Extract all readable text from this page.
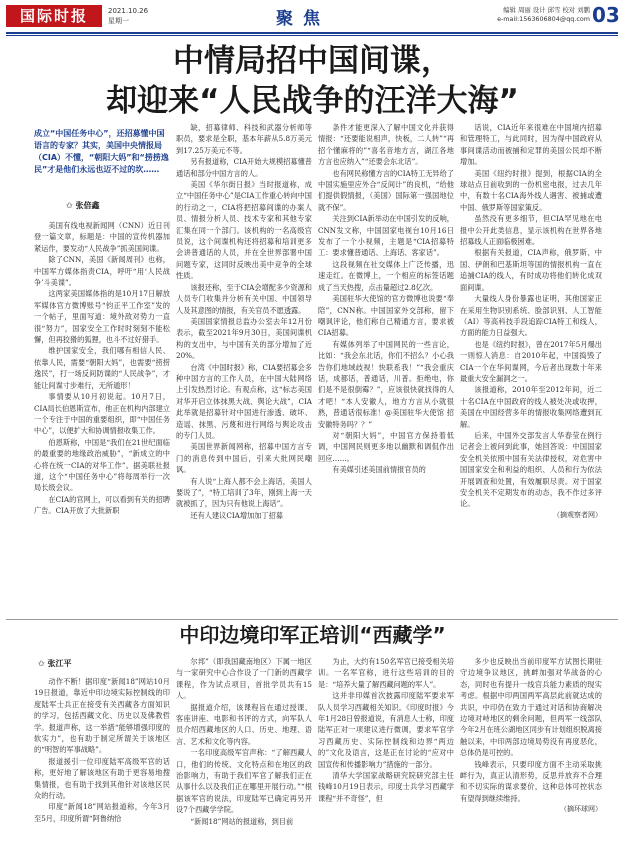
国际时报	2021.10.26
星期一	聚焦	编辑 周丽 设计 邱雪 校对 刘鹏
e-mail:1563606804@qq.com 03
中情局招中国间谍，
却迎来“人民战争的汪洋大海”
成立“中国任务中心”，还招募懂中国语言的专家？其实，美国中央情报局（CIA）不懂，“朝阳大妈”和“捞捞逸民”才是他们永远也迈不过的坎……
✩ 张倍鑫

美国有线电视新闻网（CNN）近日刊登一篇文章，标题是：中国的宣传机器加紧运作，要发动“人民战争”抓美国间谍。

除了CNN，美国《新闻周刊》也称，中国军方媒体指责CIA，呼吁“用‘人民战争’斗美谍”。

这两家美国媒体指的是10月17日解放军媒体官方微博账号“钧正平工作室”发的一个帖子，里面写道：境外敌对势力一直很“努力”，国家安全工作时时刻刻不能松懈，但再狡猾的狐狸，也斗不过好猎手。

维护国家安全，我们哪有相信人民、依靠人民，需要“朝阳大妈”，也需要“捞捞逸民”，打一场反间防谍的“人民战争”，才能让间谍寸步难行，无所遁形！

事情要从10月初说起。10月7日，CIA局长伯恩斯宣布，他正在机构内部建立一个专注于中国的重要组织，即“中国任务中心”，以便扩大和协调情报收集工作。

伯恩斯称，中国是“我们在21世纪面临的最重要的地缘政治威胁”，“新成立的中心将在统一CIA的对华工作”。据美联社报道，这个“中国任务中心”将每周举行一次局长级会议。

在CIA的官网上，可以看到有关的招聘广告。CIA开放了大批新职

缺，招募律师、科技和武器分析师等职员，要求是全职，基本年薪从5.8万美元到17.25万美元不等。

另有报道称，CIA开始大规模招募懂普通话和部分中国方言的人。

美国《华尔街日报》当时报道称，成立“中国任务中心”是CIA工作重心转向中国的行动之一，CIA将把招募间谍的办案人员、情报分析人员、技术专家和其他专家汇集在同一个部门。该机构的一名高级官员说，这个间谍机构还将招募和培训更多会讲普通话的人员，并在全世界部署中国问题专家，这同时反映出美中竞争的全球性质。

该报还称，至于CIA会增配多少资源和人员专门收集并分析有关中国、中国领导人及其意图的情报，有关官员不愿透露。

美国国家情报总监办公室去年12月份表示，截至2021年9月30日，美国间谍机构的支出中，与中国有关的部分增加了近20%。

台湾《中国时报》称，CIA要招募会多种中国方言的工作人员，在中国大陆网络上引发热烈讨论。有观点称，这“标志美国对华开启立体抹黑大战、舆论大战”，CIA此举就是招募针对中国进行渗透、破坏、造谣、抹黑、污蔑和进行网络与舆论攻击的专门人员。

美国世界新闻网称，招募中国方言专门的消息传到中国后，引来大批网民嘲讽。

有人说“上海人都不会上海话，美国人要说了”，“特工培训了3年，刚到上海一天就被抓了，因为只有他说上海话”。

还有人建议CIA增加加丁招募

条件才能更深入了解中国文化并获得情报：“还要能说相声，快板，二人转”“再招个懂麻将的”“喜名音地方言，湖江各地方言也应纳入”“还要会东北话”。

也有网民称懂方言的CIA特工无异给了中国实施里应外合“反间计”的良机，“给他们提供假情报，（美国）国际第一强国地位就不保”。

关注到CIA新举动在中国引发的反响，CNN发文称，中国国家电视台10月16日发布了一个小视频，主题是“CIA招募特工：要求懂普通话、上海话、客家话”。

这段视频在社交媒体上广泛传播，迅速走红。在微博上，一个相应的标签话题成了当天热搜，点击量超过2.8亿次。

美国驻华大使馆的官方微博也说要“奉陪”，CNN称。中国国家外交部称，留下嘲讽评论，他们称自己精通方言，要求被CIA招募。

有媒体列举了中国网民的一些言论，比如：“我会东北话，你们不招么？小心我告你们地域歧视！快联系我！”“我会重庆话，成都话，普通话，川普。拒绝电，你们是不是很倒霉？”，应该很快就找得的人才吧！“本人安徽人，地方方言从小就很熟，普通话很标准！@美国驻华大使馆 招安徽特务吗？？”

对“朝阳大妈”，中国官方保持着低调，中国网民则更多地以幽默和调侃作出回应……。

有美媒引述美国前情报官员的

话说，CIA近年来很难在中国境内招募和管理特工，与此同时，因为得中国政府从事间谍活动而被捕和定罪的美国公民却不断增加。

美国《纽约时报》提到，根据CIA的全球站点日前收到的一份机密电报，过去几年中，有数十名CIA海外线人遇害、被捕或遭中国、俄罗斯等国家策反。

虽然没有更多细节，但CIA罕见地在电报中公开此类信息，显示该机构在世界各地招募线人正面临极困难。

根据有关报道，CIA声称，俄罗斯、中国、伊朗和巴基斯坦等国的情报机构一直在追捕CIA的线人，有时成功将他们转化成双面间谍。

大量线人身份暴露也证明，其他国家正在采用生物识别系统、脸部识别、人工智能（AI）等高科技手段追踪CIA特工和线人，方面的能力日益强大。

也是《纽约时报》，曾在2017年5月爆出一则惊人消息：自2010年起，中国捣毁了CIA一个在华间谍网，今后者出现数十年来最重大安全漏洞之一。

该报道称，2010年至2012年间，近二十名CIA在中国政府的线人被处决或收押，美国在中国经营多年的情报收集网络遭到瓦解。

后来，中国外交部发言人华春莹在例行记者会上被问到此事，她回答说：中国国家安全机关依照中国有关法律授权，对危害中国国家安全和利益的组织、人员和行为依法开展调查和处置，有效履职尽责。对于国家安全机关不定期发布的动态，我不作过多评论。

（摘观察者网）
中印边境印军正培训“西藏学”
✩ 张江平

动作不断！据印度“新闻18”网站10月19日报道，靠近中印边境实际控制线的印度陆军士兵正在接受有关西藏各方面知识的学习，包括西藏文化、历史以及佛教哲学。报道声称，这一举措“能够增强印度的软实力”，也有助于制定所谓关于该地区的“明智的军事战略”。

报道援引一位印度陆军高级军官的话称，更好地了解该地区有助于更容易地搜集情报，也有助于找到其他针对该地区民众的行动。

印度“新闻18”网站报道称，今年3月至5月，印度所谓“阿鲁纳恰

尔邦”（即我国藏南地区）下属一地区与一家研究中心合作设了一门新的西藏学课程，作为试点项目，首批学员共有15人。

据报道介绍，该课程旨在通过授课、客座讲座、电影和书评的方式，向军队人员介绍西藏地区的人口、历史、地理、语言、艺术和文化等内容。

一名印度高级军官声称：“了解西藏人口，他们的传统、文化特点和在地区的政治影响力，有助于我们军官了解我们正在从事什么以及我们正在哪里开展行动。”“根据该军官的说法，印度陆军已确定再另开设7个西藏学学院。

“新闻18”网站的报道称，到目前

为止，大约有150名军官已接受相关培训。一名军官称，进行这些培训的目的是：“培养大量了解西藏问题的军人”。

这并非印媒首次披露印度陆军要求军队人员学习西藏相关知识。《印度时报》今年1月28日曾报道说，有消息人士称，印度陆军正对一项建议进行微调，要求军官学习西藏历史、实际控制线和边界“两边的”文化及语言，这是正在讨论的“应对中国宣传和传播影响力”措施的一部分。

清华大学国家战略研究院研究部主任钱峰10月19日表示，印度士兵学习西藏学课程“并不奇怪”，但

多少也反映出当前印度军方试图长期驻守边境争议地区，挑衅加强对华战备的心态，同时也有提升一线官兵能力素质的现实考虑。根据中印两国两军高层此前就达成的共识，中印仍在致力于通过对话和协商解决边境对峙地区的剩余问题，但两军一线部队今年2月在班公湖地区同步有计划组织脱离接触以来，中印两部边境局势没有再度恶化，总体仍是可控的。

钱峰表示，只要印度方面不主动采取挑衅行为，真正认清形势，反思并放弃不合理和不切实际的谋求要价，这种总体可控状态有望得到继续维持。

（摘环球网）
